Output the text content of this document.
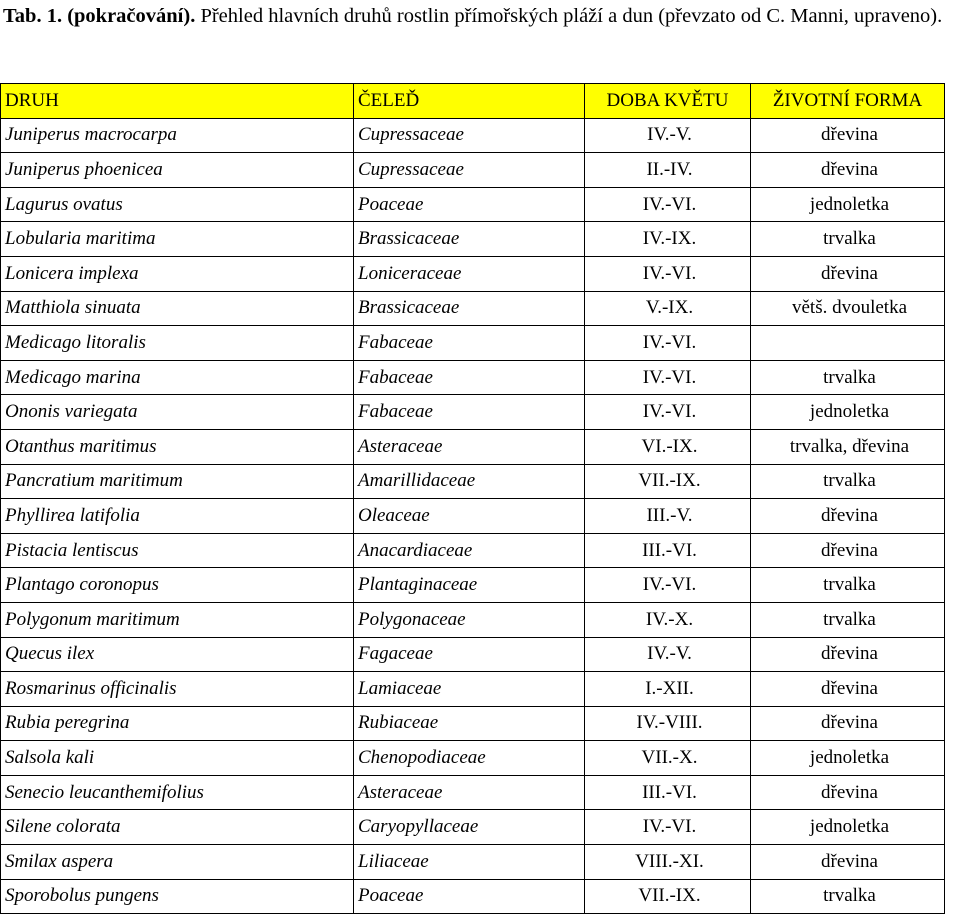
Tab. 1. (pokračování). Přehled hlavních druhů rostlin přímořských pláží a dun (převzato od C. Manni, upraveno).
DRUH	ČELEĎ	DOBA KVĚTU	ŽIVOTNÍ FORMA
Juniperus macrocarpa	Cupressaceae	IV.-V.	dřevina
Juniperus phoenicea	Cupressaceae	II.-IV.	dřevina
Lagurus ovatus	Poaceae	IV.-VI.	jednoletka
Lobularia maritima	Brassicaceae	IV.-IX.	trvalka
Lonicera implexa	Loniceraceae	IV.-VI.	dřevina
Matthiola sinuata	Brassicaceae	V.-IX.	větš. dvouletka
Medicago litoralis	Fabaceae	IV.-VI.	
Medicago marina	Fabaceae	IV.-VI.	trvalka
Ononis variegata	Fabaceae	IV.-VI.	jednoletka
Otanthus maritimus	Asteraceae	VI.-IX.	trvalka, dřevina
Pancratium maritimum	Amarillidaceae	VII.-IX.	trvalka
Phyllirea latifolia	Oleaceae	III.-V.	dřevina
Pistacia lentiscus	Anacardiaceae	III.-VI.	dřevina
Plantago coronopus	Plantaginaceae	IV.-VI.	trvalka
Polygonum maritimum	Polygonaceae	IV.-X.	trvalka
Quecus ilex	Fagaceae	IV.-V.	dřevina
Rosmarinus officinalis	Lamiaceae	I.-XII.	dřevina
Rubia peregrina	Rubiaceae	IV.-VIII.	dřevina
Salsola kali	Chenopodiaceae	VII.-X.	jednoletka
Senecio leucanthemifolius	Asteraceae	III.-VI.	dřevina
Silene colorata	Caryopyllaceae	IV.-VI.	jednoletka
Smilax aspera	Liliaceae	VIII.-XI.	dřevina
Sporobolus pungens	Poaceae	VII.-IX.	trvalka
